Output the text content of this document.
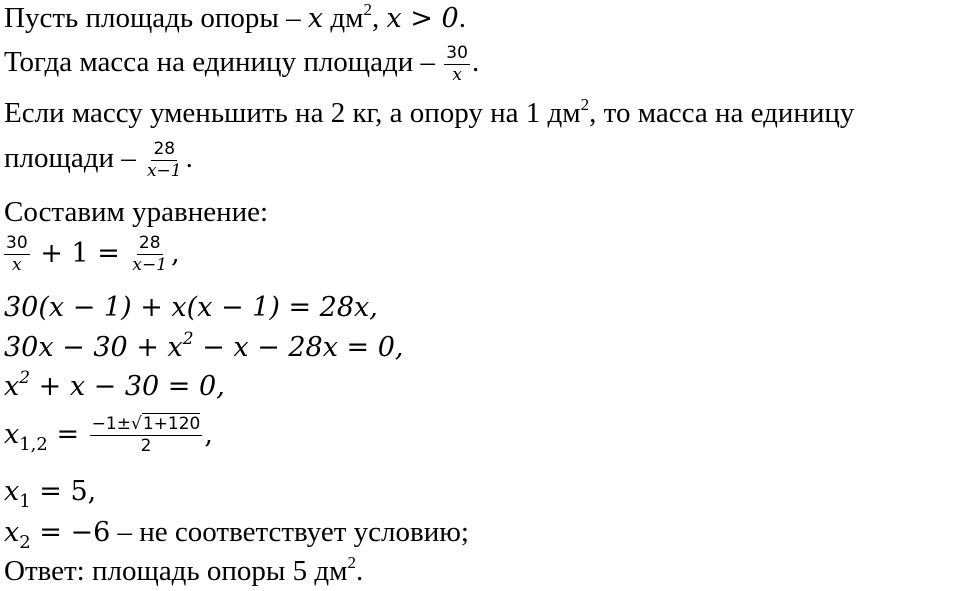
Пусть площадь опоры – x $дм^2$, x > 0.
Тогда масса на единицу площади – $\frac{30}{x}$ .
Если массу уменьшить на 2 кг, а опору на 1 $дм^2$, то масса на единицу
площади – $\frac{28}{x-1}$ .
Составим уравнение:
$\frac{30}{x} + 1 = \frac{28}{x-1}$ ,
30(x − 1) + x(x − 1) = 28x,
$30x - 30 + x^2 - x - 28x = 0$,
$x^2 + x - 30 = 0$,
$x_{1,2} = \frac{-1\pm√1+120}{2}$ ,
$x_1 = 5$,
$x_2 = -6$ – не соответствует условию;
Ответ: площадь опоры 5 $дм^2$.
